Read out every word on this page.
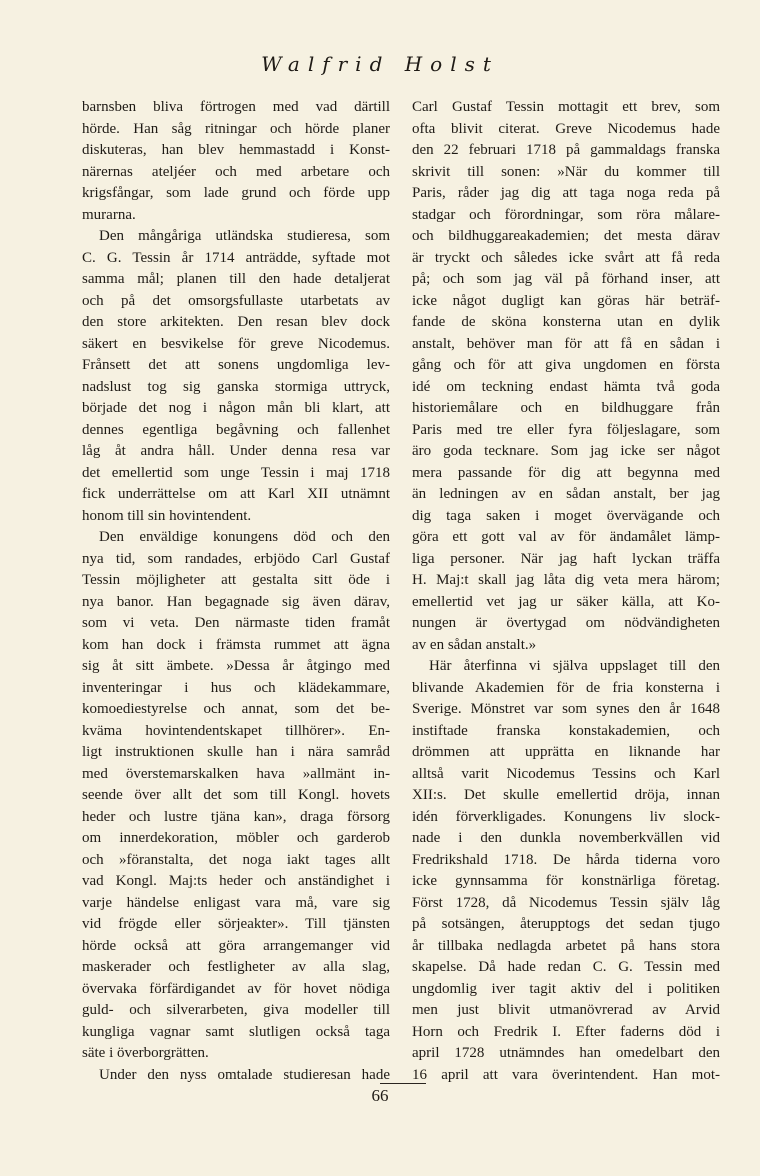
Walfrid Holst
barnsben bliva förtrogen med vad därtill
hörde. Han såg ritningar och hörde planer
diskuteras, han blev hemmastadd i Konst-
närernas ateljéer och med arbetare och
krigsfångar, som lade grund och förde upp
murarna.
Den mångåriga utländska studieresa, som
C. G. Tessin år 1714 anträdde, syftade mot
samma mål; planen till den hade detaljerat
och på det omsorgsfullaste utarbetats av
den store arkitekten. Den resan blev dock
säkert en besvikelse för greve Nicodemus.
Frånsett det att sonens ungdomliga lev-
nadslust tog sig ganska stormiga uttryck,
började det nog i någon mån bli klart, att
dennes egentliga begåvning och fallenhet
låg åt andra håll. Under denna resa var
det emellertid som unge Tessin i maj 1718
fick underrättelse om att Karl XII utnämnt
honom till sin hovintendent.
Den enväldige konungens död och den
nya tid, som randades, erbjödo Carl Gustaf
Tessin möjligheter att gestalta sitt öde i
nya banor. Han begagnade sig även därav,
som vi veta. Den närmaste tiden framåt
kom han dock i främsta rummet att ägna
sig åt sitt ämbete. »Dessa år åtgingo med
inventeringar i hus och klädekammare,
komoediestyrelse och annat, som det be-
kväma hovintendentskapet tillhörer». En-
ligt instruktionen skulle han i nära samråd
med överstemarskalken hava »allmänt in-
seende över allt det som till Kongl. hovets
heder och lustre tjäna kan», draga försorg
om innerdekoration, möbler och garderob
och »föranstalta, det noga iakt tages allt
vad Kongl. Maj:ts heder och anständighet i
varje händelse enligast vara må, vare sig
vid frögde eller sörjeakter». Till tjänsten
hörde också att göra arrangemanger vid
maskerader och festligheter av alla slag,
övervaka förfärdigandet av för hovet nödiga
guld- och silverarbeten, giva modeller till
kungliga vagnar samt slutligen också taga
säte i överborgrätten.
Under den nyss omtalade studieresan hade
Carl Gustaf Tessin mottagit ett brev, som
ofta blivit citerat. Greve Nicodemus hade
den 22 februari 1718 på gammaldags franska
skrivit till sonen: »När du kommer till
Paris, råder jag dig att taga noga reda på
stadgar och förordningar, som röra målare-
och bildhuggareakademien; det mesta därav
är tryckt och således icke svårt att få reda
på; och som jag väl på förhand inser, att
icke något dugligt kan göras här beträf-
fande de sköna konsterna utan en dylik
anstalt, behöver man för att få en sådan i
gång och för att giva ungdomen en första
idé om teckning endast hämta två goda
historiemålare och en bildhuggare från
Paris med tre eller fyra följeslagare, som
äro goda tecknare. Som jag icke ser något
mera passande för dig att begynna med
än ledningen av en sådan anstalt, ber jag
dig taga saken i moget övervägande och
göra ett gott val av för ändamålet lämp-
liga personer. När jag haft lyckan träffa
H. Maj:t skall jag låta dig veta mera härom;
emellertid vet jag ur säker källa, att Ko-
nungen är övertygad om nödvändigheten
av en sådan anstalt.»
Här återfinna vi själva uppslaget till den
blivande Akademien för de fria konsterna i
Sverige. Mönstret var som synes den år 1648
instiftade franska konstakademien, och
drömmen att upprätta en liknande har
alltså varit Nicodemus Tessins och Karl
XII:s. Det skulle emellertid dröja, innan
idén förverkligades. Konungens liv slock-
nade i den dunkla novemberkvällen vid
Fredrikshald 1718. De hårda tiderna voro
icke gynnsamma för konstnärliga företag.
Först 1728, då Nicodemus Tessin själv låg
på sotsängen, återupptogs det sedan tjugo
år tillbaka nedlagda arbetet på hans stora
skapelse. Då hade redan C. G. Tessin med
ungdomlig iver tagit aktiv del i politiken
men just blivit utmanövrerad av Arvid
Horn och Fredrik I. Efter faderns död i
april 1728 utnämndes han omedelbart den
16 april att vara överintendent. Han mot-
66
